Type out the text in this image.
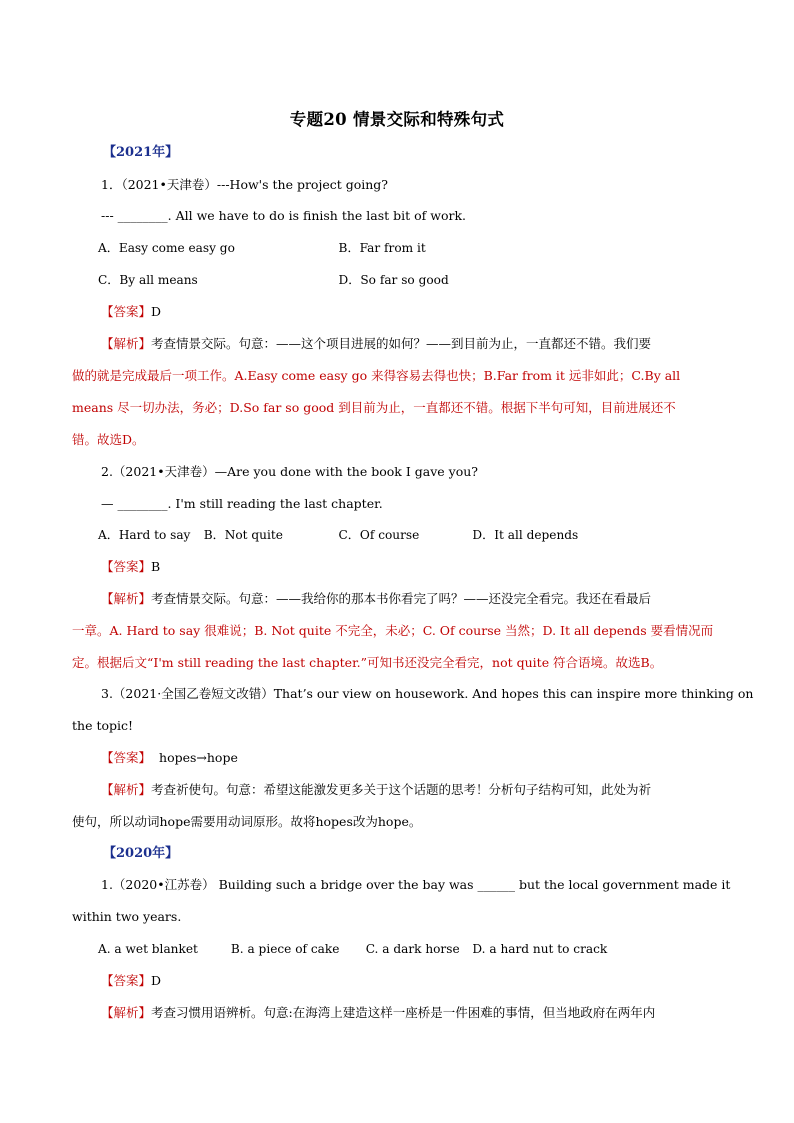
专题20 情景交际和特殊句式
【2021年】
1．（2021•天津卷）---How's the project going?
--- ________. All we have to do is finish the last bit of work.
A．Easy come easy go	B．Far from it
C．By all means	D．So far so good
【答案】D
【解析】考查情景交际。句意：——这个项目进展的如何？——到目前为止，一直都还不错。我们要
做的就是完成最后一项工作。A.Easy come easy go 来得容易去得也快；B.Far from it 远非如此；C.By all
means 尽一切办法，务必；D.So far so good 到目前为止，一直都还不错。根据下半句可知，目前进展还不
错。故选D。
2.（2021•天津卷）—Are you done with the book I gave you?
— ________. I'm still reading the last chapter.
A．Hard to say B．Not quite	C．Of course	D．It all depends
【答案】B
【解析】考查情景交际。句意：——我给你的那本书你看完了吗？——还没完全看完。我还在看最后
一章。A. Hard to say 很难说；B. Not quite 不完全，未必；C. Of course 当然；D. It all depends 要看情况而
定。根据后文“I'm still reading the last chapter.”可知书还没完全看完，not quite 符合语境。故选B。
3.（2021·全国乙卷短文改错）That’s our view on housework. And hopes this can inspire more thinking on
the topic!
【答案】 hopes→hope
【解析】考查祈使句。句意：希望这能激发更多关于这个话题的思考！分析句子结构可知，此处为祈
使句，所以动词hope需要用动词原形。故将hopes改为hope。
【2020年】
1.（2020•江苏卷） Building such a bridge over the bay was ______ but the local government made it
within two years.
A. a wet blanket	B. a piece of cake C. a dark horse D. a hard nut to crack
【答案】D
【解析】考查习惯用语辨析。句意:在海湾上建造这样一座桥是一件困难的事情，但当地政府在两年内
